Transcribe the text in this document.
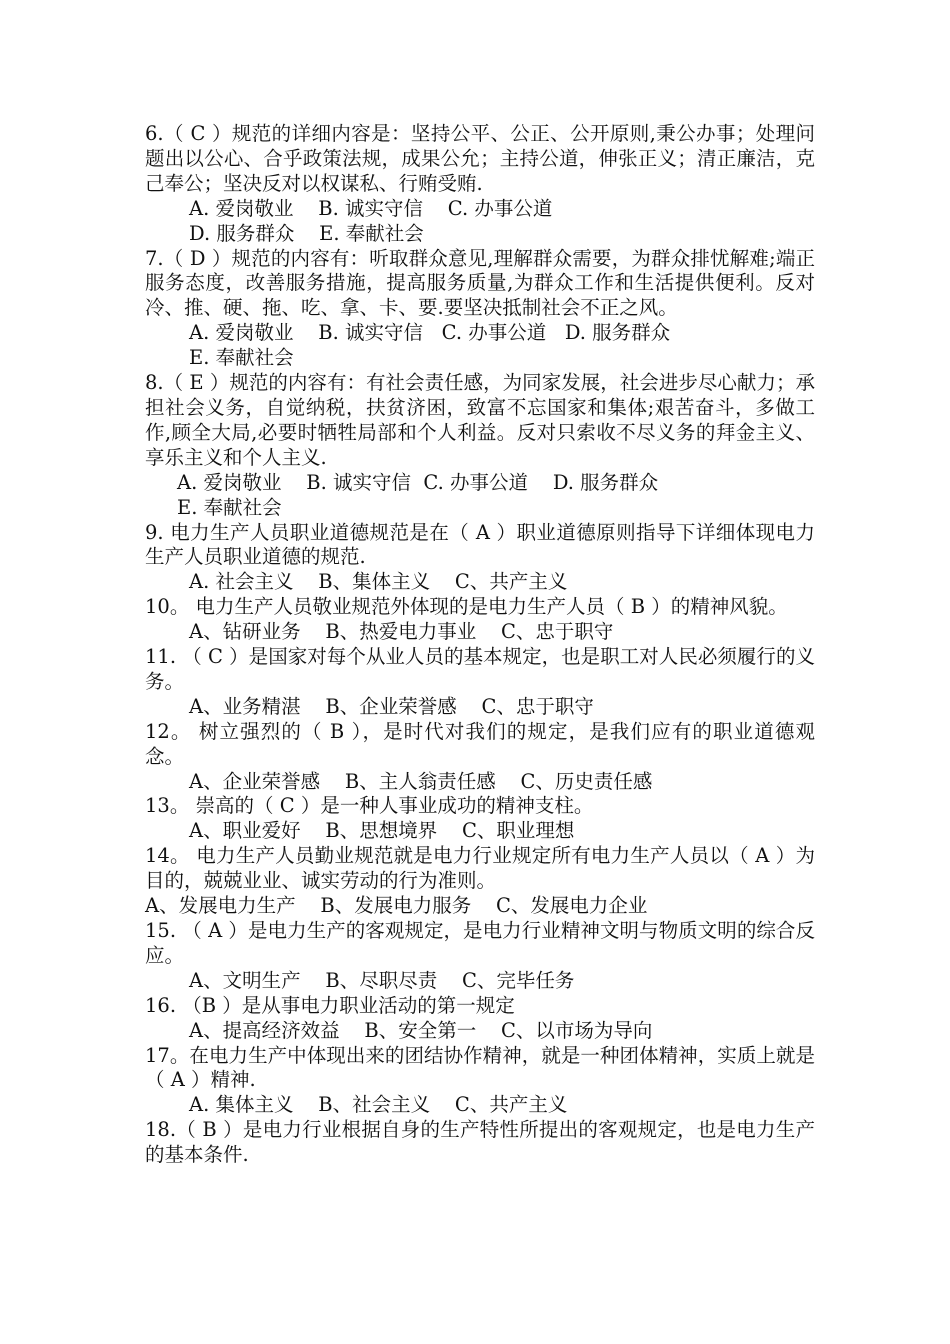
6.（ C ）规范的详细内容是：坚持公平、公正、公开原则,秉公办事；处理问题出以公心、合乎政策法规，成果公允；主持公道，伸张正义；清正廉洁，克己奉公；坚决反对以权谋私、行贿受贿.

A. 爱岗敬业    B. 诚实守信    C. 办事公道

D. 服务群众    E. 奉献社会

7.（ D ）规范的内容有：听取群众意见,理解群众需要，为群众排忧解难;端正服务态度，改善服务措施，提高服务质量,为群众工作和生活提供便利。反对冷、推、硬、拖、吃、拿、卡、要.要坚决抵制社会不正之风。

A. 爱岗敬业    B. 诚实守信   C. 办事公道   D. 服务群众

E. 奉献社会

8.（ E ）规范的内容有：有社会责任感，为同家发展，社会进步尽心献力；承担社会义务，自觉纳税，扶贫济困，致富不忘国家和集体;艰苦奋斗，多做工作,顾全大局,必要时牺牲局部和个人利益。反对只索收不尽义务的拜金主义、享乐主义和个人主义.

A. 爱岗敬业    B. 诚实守信  C. 办事公道    D. 服务群众

E. 奉献社会

9. 电力生产人员职业道德规范是在（ A ）职业道德原则指导下详细体现电力生产人员职业道德的规范.

A. 社会主义    B、集体主义    C、共产主义

10。 电力生产人员敬业规范外体现的是电力生产人员（ B ）的精神风貌。

A、钻研业务    B、热爱电力事业    C、忠于职守

11. （ C ）是国家对每个从业人员的基本规定，也是职工对人民必须履行的义务。

A、业务精湛    B、企业荣誉感    C、忠于职守

12。 树立强烈的（ B ），是时代对我们的规定，是我们应有的职业道德观念。

A、企业荣誉感    B、主人翁责任感    C、历史责任感

13。 崇高的（ C ）是一种人事业成功的精神支柱。

A、职业爱好    B、思想境界    C、职业理想

14。 电力生产人员勤业规范就是电力行业规定所有电力生产人员以（ A ）为目的，兢兢业业、诚实劳动的行为准则。

A、发展电力生产    B、发展电力服务    C、发展电力企业

15. （ A ）是电力生产的客观规定，是电力行业精神文明与物质文明的综合反应。

A、文明生产    B、尽职尽责    C、完毕任务

16. （B ）是从事电力职业活动的第一规定

A、提高经济效益    B、安全第一    C、以市场为导向

17。在电力生产中体现出来的团结协作精神，就是一种团体精神，实质上就是（ A ）精神.

A. 集体主义    B、社会主义    C、共产主义

18.（ B ）是电力行业根据自身的生产特性所提出的客观规定，也是电力生产的基本条件.
